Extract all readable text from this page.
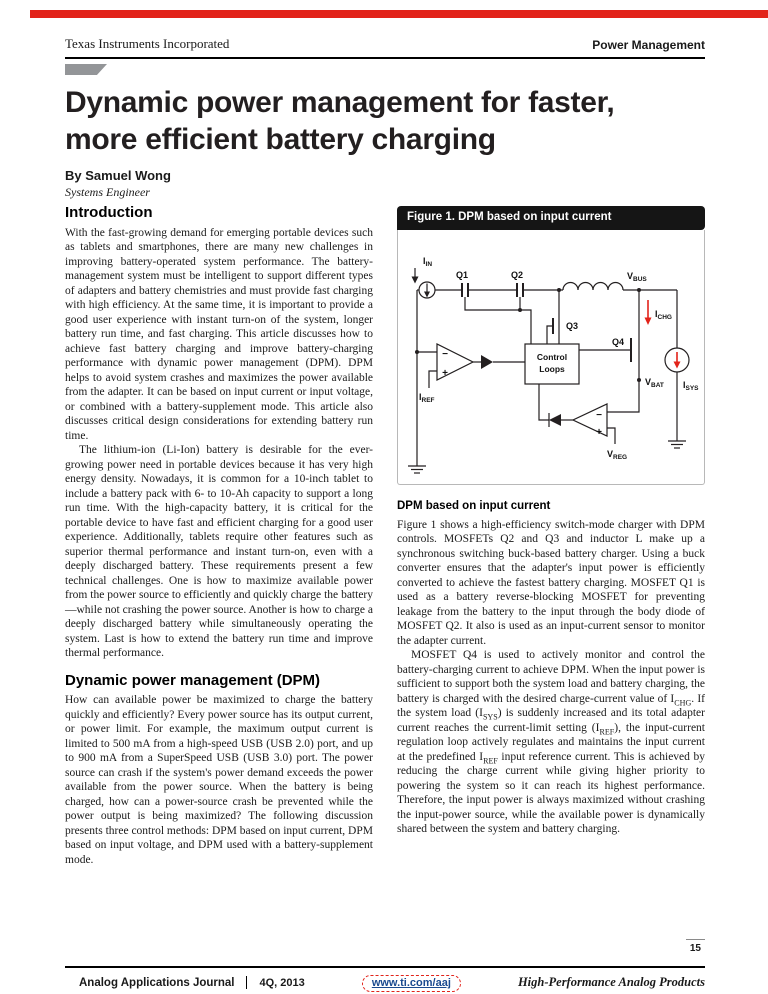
Texas Instruments Incorporated	Power Management
Dynamic power management for faster,
more efficient battery charging
By Samuel Wong
Systems Engineer
Introduction

With the fast-growing demand for emerging portable devices such as tablets and smartphones, there are many new challenges in improving battery-operated system performance. The battery-management system must be intelligent to support different types of adapters and battery chemistries and must provide fast charging with high efficiency. At the same time, it is important to provide a good user experience with instant turn-on of the system, longer battery run time, and fast charging. This article discusses how to achieve fast battery charging and improve battery-charging performance with dynamic power management (DPM). DPM helps to avoid system crashes and maximizes the power available from the adapter. It can be based on input current or input voltage, or combined with a battery-supplement mode. This article also discusses critical design considerations for extending battery run time.

The lithium-ion (Li-Ion) battery is desirable for the ever-growing power need in portable devices because it has very high energy density. Nowadays, it is common for a 10-inch tablet to include a battery pack with 6- to 10-Ah capacity to support a long run time. With the high-capacity battery, it is critical for the portable device to have fast and efficient charging for a good user experience. Additionally, tablets require other features such as superior thermal performance and instant turn-on, even with a deeply discharged battery. These requirements present a few technical challenges. One is how to maximize available power from the power source to efficiently and quickly charge the battery —while not crashing the power source. Another is how to charge a deeply discharged battery while simultaneously operating the system. Last is how to extend the battery run time and improve thermal performance.

Dynamic power management (DPM)

How can available power be maximized to charge the battery quickly and efficiently? Every power source has its output current, or power limit. For example, the maximum output current is limited to 500 mA from a high-speed USB (USB 2.0) port, and up to 900 mA from a SuperSpeed USB (USB 3.0) port. The power source can crash if the system's power demand exceeds the power available from the power source. When the battery is being charged, how can a power-source crash be prevented while the power output is being maximized? The following discussion presents three control methods: DPM based on input current, DPM based on input voltage, and DPM used with a battery-supplement mode.

Figure 1. DPM based on input current
$I_{IN}$
Q1	Q2
Q3
Q4
$V_{BUS}$
$I_{CHG}$
$I_{SYS}$
$V_{BAT}$
$V_{REG}$
$I_{REF}$
−
+
Control
Loops
−
+
DPM based on input current

Figure 1 shows a high-efficiency switch-mode charger with DPM controls. MOSFETs Q2 and Q3 and inductor L make up a synchronous switching buck-based battery charger. Using a buck converter ensures that the adapter's input power is efficiently converted to achieve the fastest battery charging. MOSFET Q1 is used as a battery reverse-blocking MOSFET for preventing leakage from the battery to the input through the body diode of MOSFET Q2. It also is used as an input-current sensor to monitor the adapter current.

MOSFET Q4 is used to actively monitor and control the battery-charging current to achieve DPM. When the input power is sufficient to support both the system load and battery charging, the battery is charged with the desired charge-current value of $I_{CHG}$. If the system load $(I_{SYS})$ is suddenly increased and its total adapter current reaches the current-limit setting $(I_{REF})$, the input-current regulation loop actively regulates and maintains the input current at the predefined $I_{REF}$ input reference current. This is achieved by reducing the charge current while giving higher priority to powering the system so it can reach its highest performance. Therefore, the input power is always maximized without crashing the input-power source, while the available power is dynamically shared between the system and battery charging.

15
Analog Applications Journal 4Q, 2013	www.ti.com/aaj	High-Performance Analog Products
